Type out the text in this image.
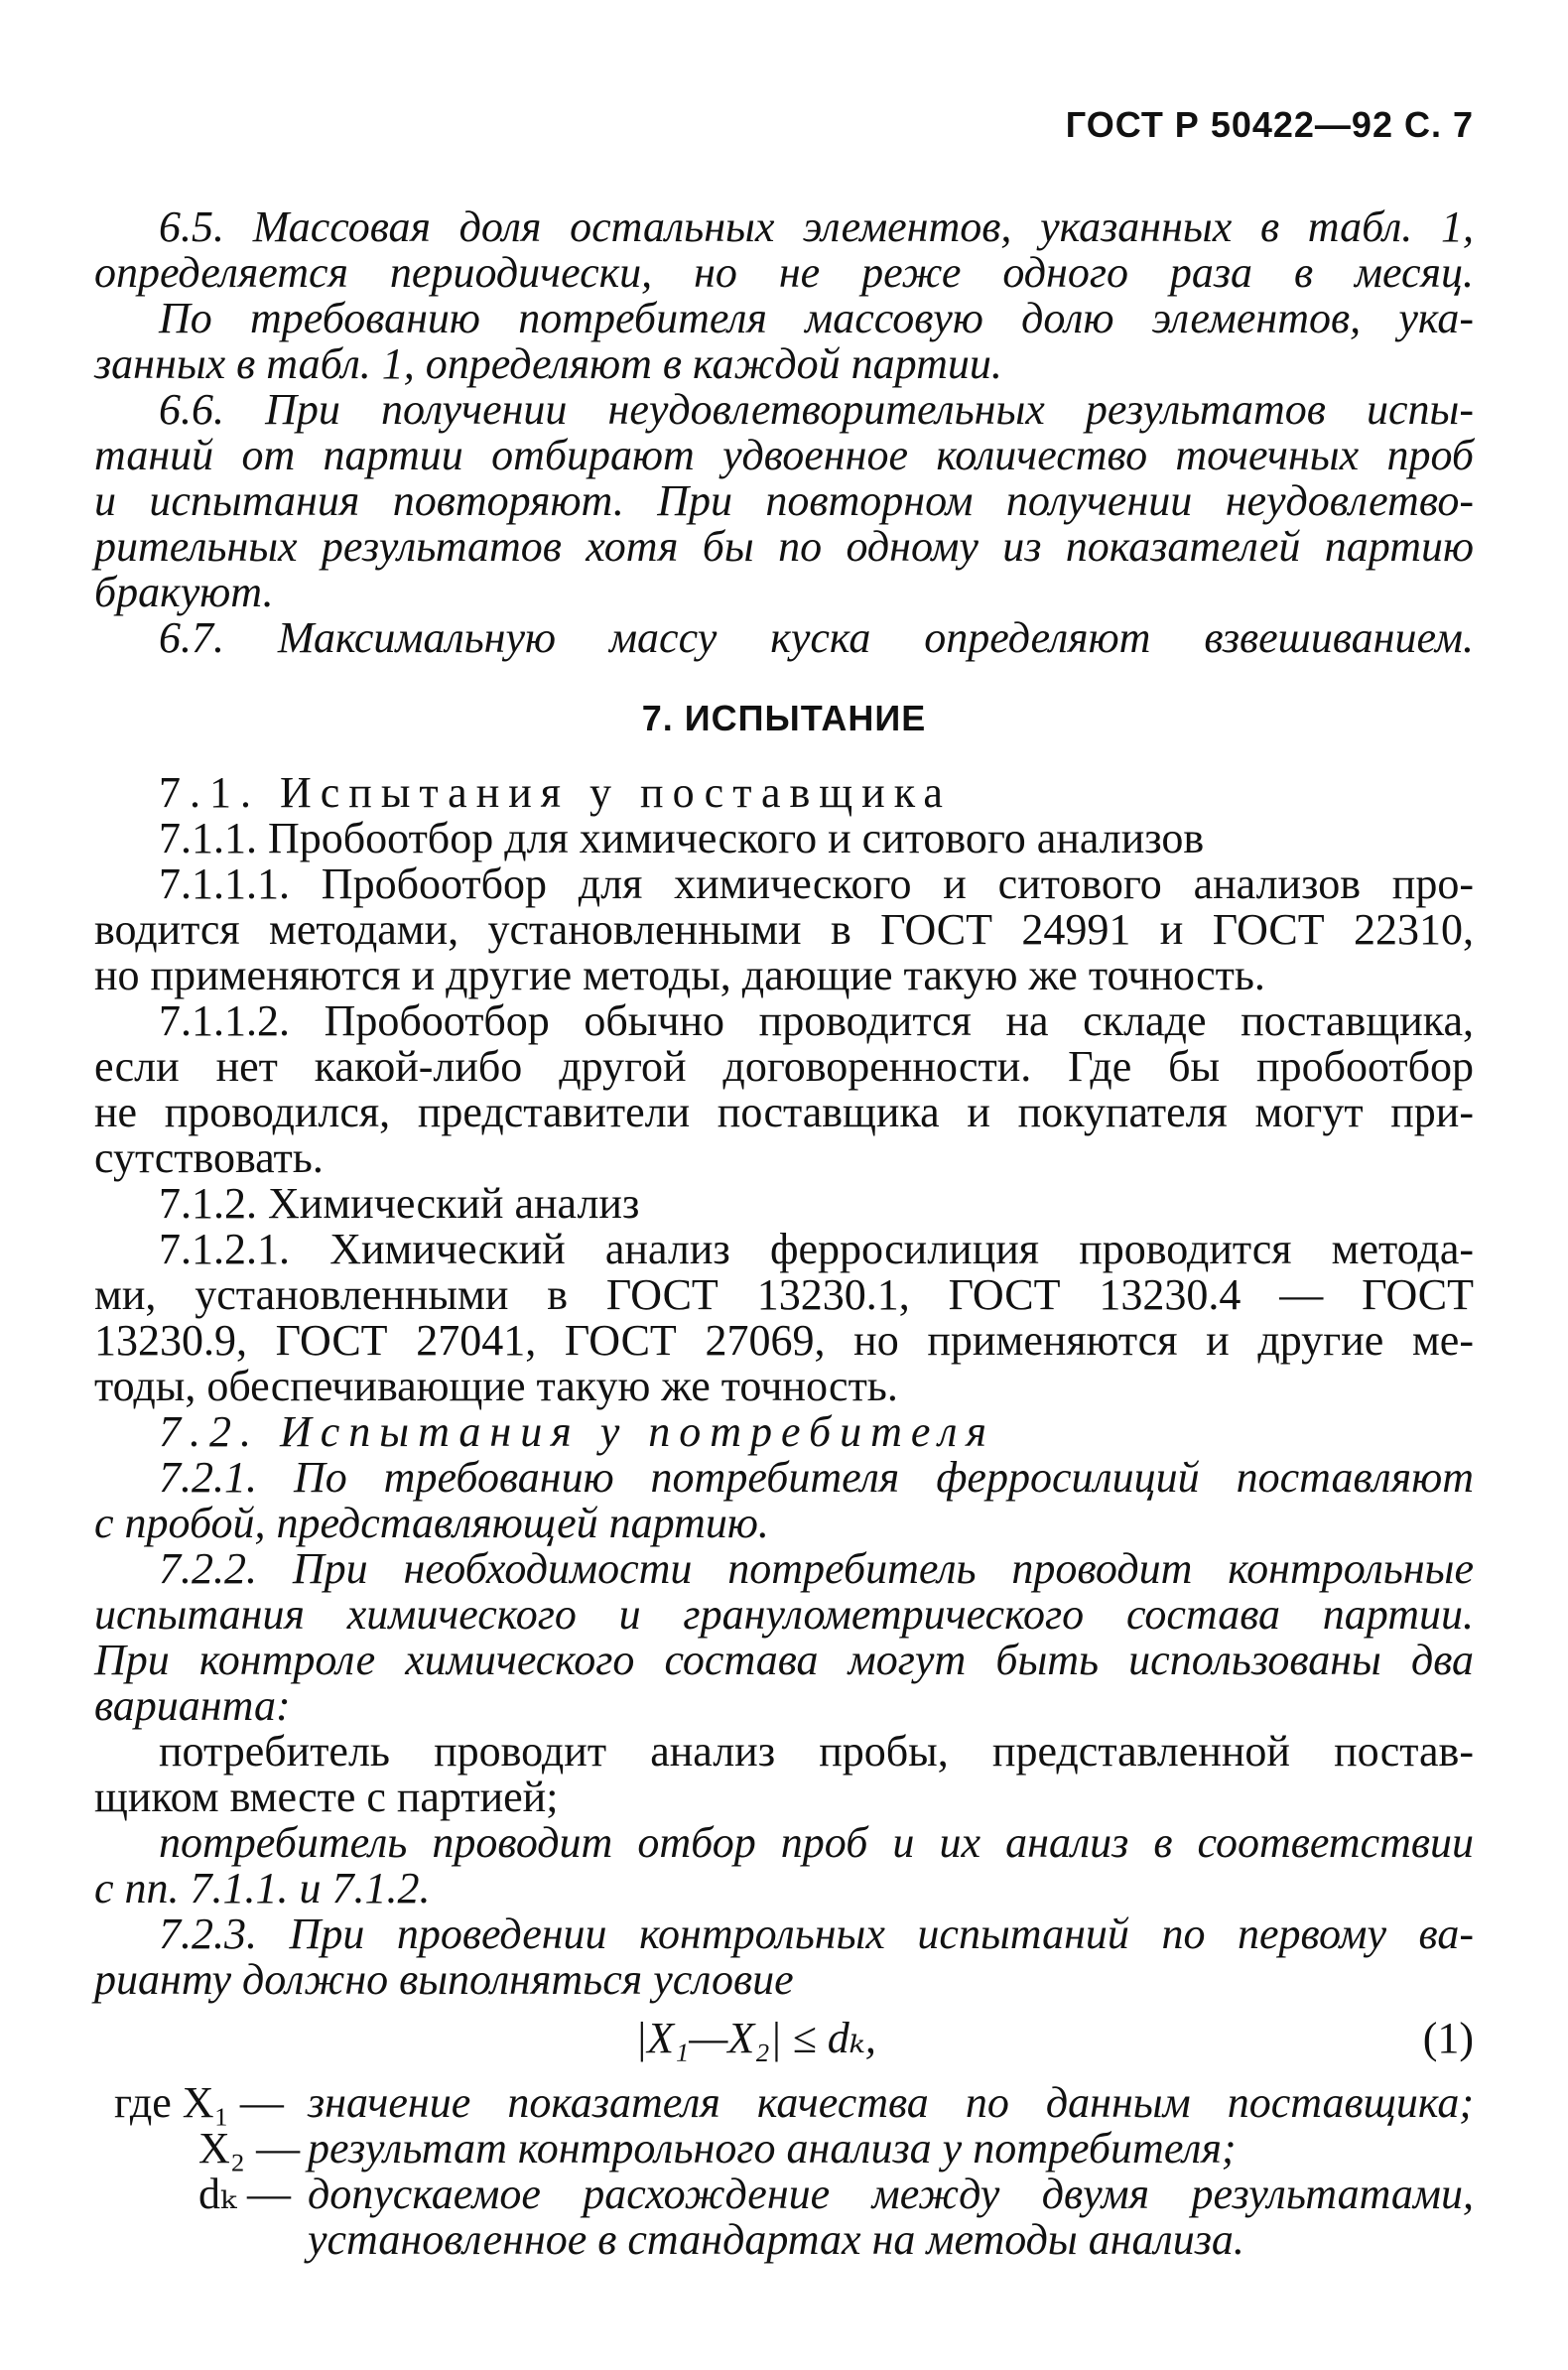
ГОСТ Р 50422—92 С. 7
6.5. Массовая доля остальных элементов, указанных в табл. 1,
определяется периодически, но не реже одного раза в месяц.
По требованию потребителя массовую долю элементов, ука-
занных в табл. 1, определяют в каждой партии.
6.6. При получении неудовлетворительных результатов испы-
таний от партии отбирают удвоенное количество точечных проб
и испытания повторяют. При повторном получении неудовлетво-
рительных результатов хотя бы по одному из показателей партию
бракуют.
6.7. Максимальную массу куска определяют взвешиванием.
7. ИСПЫТАНИЕ
7.1. Испытания у поставщика
7.1.1. Пробоотбор для химического и ситового анализов
7.1.1.1. Пробоотбор для химического и ситового анализов про-
водится методами, установленными в ГОСТ 24991 и ГОСТ 22310,
но применяются и другие методы, дающие такую же точность.
7.1.1.2. Пробоотбор обычно проводится на складе поставщика,
если нет какой-либо другой договоренности. Где бы пробоотбор
не проводился, представители поставщика и покупателя могут при-
сутствовать.
7.1.2. Химический анализ
7.1.2.1. Химический анализ ферросилиция проводится метода-
ми, установленными в ГОСТ 13230.1, ГОСТ 13230.4 — ГОСТ
13230.9, ГОСТ 27041, ГОСТ 27069, но применяются и другие ме-
тоды, обеспечивающие такую же точность.
7.2. Испытания у потребителя
7.2.1. По требованию потребителя ферросилиций поставляют
с пробой, представляющей партию.
7.2.2. При необходимости потребитель проводит контрольные
испытания химического и гранулометрического состава партии.
При контроле химического состава могут быть использованы два
варианта:
потребитель проводит анализ пробы, представленной постав-
щиком вместе с партией;
потребитель проводит отбор проб и их анализ в соответствии
с пп. 7.1.1. и 7.1.2.
7.2.3. При проведении контрольных испытаний по первому ва-
рианту должно выполняться условие
|X₁—X₂| ≤ dₖ,	(1)
где X₁ — значение показателя качества по данным поставщика;
X₂ — результат контрольного анализа у потребителя;
dₖ — допускаемое расхождение между двумя результатами,
установленное в стандартах на методы анализа.
